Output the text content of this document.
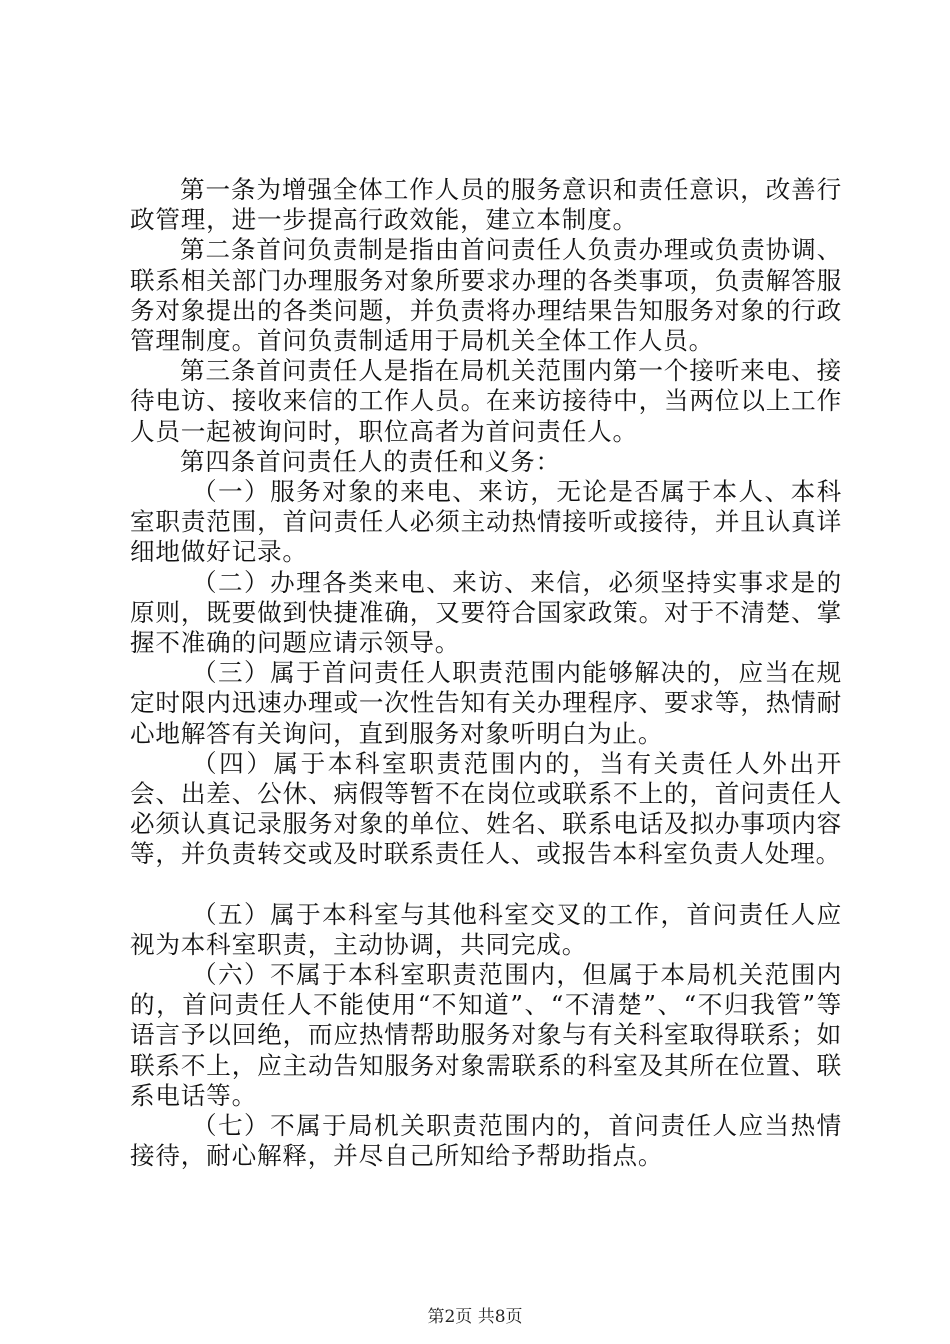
第一条为增强全体工作人员的服务意识和责任意识，改善行政管理，进一步提高行政效能，建立本制度。

第二条首问负责制是指由首问责任人负责办理或负责协调、联系相关部门办理服务对象所要求办理的各类事项，负责解答服务对象提出的各类问题，并负责将办理结果告知服务对象的行政管理制度。首问负责制适用于局机关全体工作人员。

第三条首问责任人是指在局机关范围内第一个接听来电、接待电访、接收来信的工作人员。在来访接待中，当两位以上工作人员一起被询问时，职位高者为首问责任人。

第四条首问责任人的责任和义务：

（一）服务对象的来电、来访，无论是否属于本人、本科室职责范围，首问责任人必须主动热情接听或接待，并且认真详细地做好记录。

（二）办理各类来电、来访、来信，必须坚持实事求是的原则，既要做到快捷准确，又要符合国家政策。对于不清楚、掌握不准确的问题应请示领导。

（三）属于首问责任人职责范围内能够解决的，应当在规定时限内迅速办理或一次性告知有关办理程序、要求等，热情耐心地解答有关询问，直到服务对象听明白为止。

（四）属于本科室职责范围内的，当有关责任人外出开会、出差、公休、病假等暂不在岗位或联系不上的，首问责任人必须认真记录服务对象的单位、姓名、联系电话及拟办事项内容等，并负责转交或及时联系责任人、或报告本科室负责人处理。

（五）属于本科室与其他科室交叉的工作，首问责任人应视为本科室职责，主动协调，共同完成。

（六）不属于本科室职责范围内，但属于本局机关范围内的，首问责任人不能使用“不知道”、“不清楚”、“不归我管”等语言予以回绝，而应热情帮助服务对象与有关科室取得联系；如联系不上，应主动告知服务对象需联系的科室及其所在位置、联系电话等。

（七）不属于局机关职责范围内的，首问责任人应当热情接待，耐心解释，并尽自己所知给予帮助指点。

第2页 共8页
